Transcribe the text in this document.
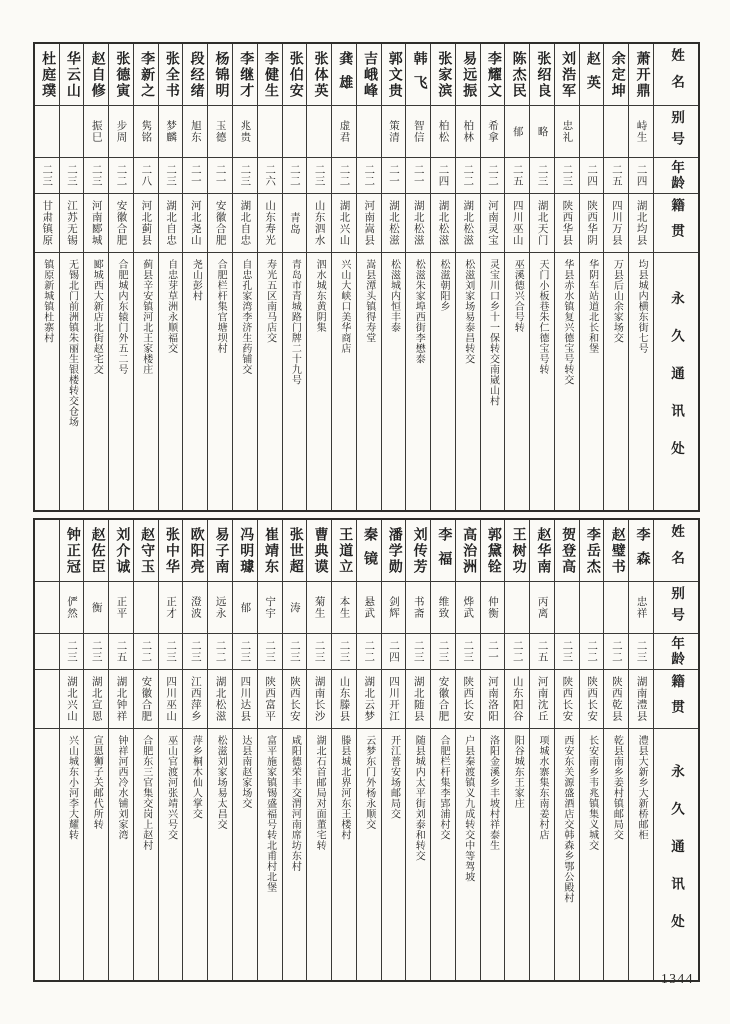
姓名
别号
年龄
籍贯
永久通讯处
萧开鼎
峙生
二四
湖北均县
均县城内横东街七号
余定坤
二五
四川万县
万县后山余家场交
赵英
二四
陕西华阴
华阴车站道北长和堡
刘浩军
忠礼
二三
陕西华县
华县赤水镇复兴德宝号转交
张绍良
略
二三
湖北天门
天门小板巷朱仁德宝号转
陈杰民
郁
二五
四川巫山
巫溪德兴合号转
李耀文
希拿
二二
河南灵宝
灵宝川口乡十一保转交南崴山村
易远振
柏林
二二
湖北松滋
松滋刘家场易泰昌转交
张家滨
柏松
二四
湖北松滋
松滋朝阳乡
韩飞
智信
二一
湖北松滋
松滋朱家埠西街李懋泰
郭文贵
策清
二一
湖北松滋
松滋城内恒丰泰
吉峨峰
二二
河南嵩县
嵩县潭头镇得寿堂
龚雄
虚君
二二
湖北兴山
兴山大峡口美华商店
张体英
二三
山东泗水
泗水城东黄阴集
张伯安
二二
青岛
青岛市青城路门牌二十九号
李健生
二六
山东寿光
寿光五区南马店交
李继才
兆贵
二三
湖北自忠
自忠孔家湾李济生药铺交
杨锦明
玉德
二一
安徽合肥
合肥栏杆集官塘坝村
段经绪
旭东
二一
河北尧山
尧山彭村
张全书
梦麟
二三
湖北自忠
自忠芽草洲永顺福交
李新之
隽铭
二八
河北蓟县
蓟县辛安镇河北王家楼庄
张德寅
步周
二二
安徽合肥
合肥城内东辕门外五二号
赵自修
振巳
二三
河南郾城
郾城西大新店北街赵宅交
华云山
二三
江苏无锡
无锡北门前洲镇朱丽生银楼转交仓场
杜庭璞
二三
甘肃镇原
镇原新城镇杜寨村
姓名
别号
年龄
籍贯
永久通讯处
李森
忠祥
二三
湖南澧县
澧县大新乡大新桥邮柜
赵璧书
二二
陕西乾县
乾县南乡姜村镇邮局交
李岳杰
二二
陕西长安
长安南乡韦兆镇集义城交
贺登高
二三
陕西长安
西安东关源盛酒店交韩森乡鄂公殿村
赵华南
丙离
二五
河南沈丘
项城水寨集东南姜村店
王树功
二二
山东阳谷
阳谷城东王家庄
郭黛铨
仲衡
二一
河南洛阳
洛阳金溪乡丰坡村祥泰生
高治洲
烨武
二三
陕西长安
户县秦渡镇义九成转交中等驾坡
李福
维致
二三
安徽合肥
合肥栏杆集李郢浦村交
刘传芳
书斋
二三
湖北随县
随县城内太平街刘泰和转交
潘学勋
剑辉
二四
四川开江
开江普安场邮局交
秦镜
悬武
二二
湖北云梦
云梦东门外杨永顺交
王道立
本生
二三
山东滕县
滕县城北界河东王楼村
曹典谟
菊生
二三
湖南长沙
湖北石首邮局对面董宅转
张世超
涛
二三
陕西长安
咸阳德荣丰交渭河南席坊东村
崔靖东
宁宇
二三
陕西富平
富平施家镇锡盛福号转北甫村北堡
冯明璩
郁
二三
四川达县
达县南赵家场交
易子南
远永
二二
湖北松滋
松滋刘家场易太昌交
欧阳亮
澄波
二三
江西萍乡
萍乡桐木仙人掌交
张中华
正才
二三
四川巫山
巫山官渡河张靖兴号交
赵守玉
二二
安徽合肥
合肥东三官集交岗上赵村
刘介诚
正平
二五
湖北钟祥
钟祥河西冷水铺刘家湾
赵佐臣
衡
二三
湖北宣恩
宣恩狮子关邮代所转
钟正冠
俨然
二三
湖北兴山
兴山城东小河李大耀转
1344
